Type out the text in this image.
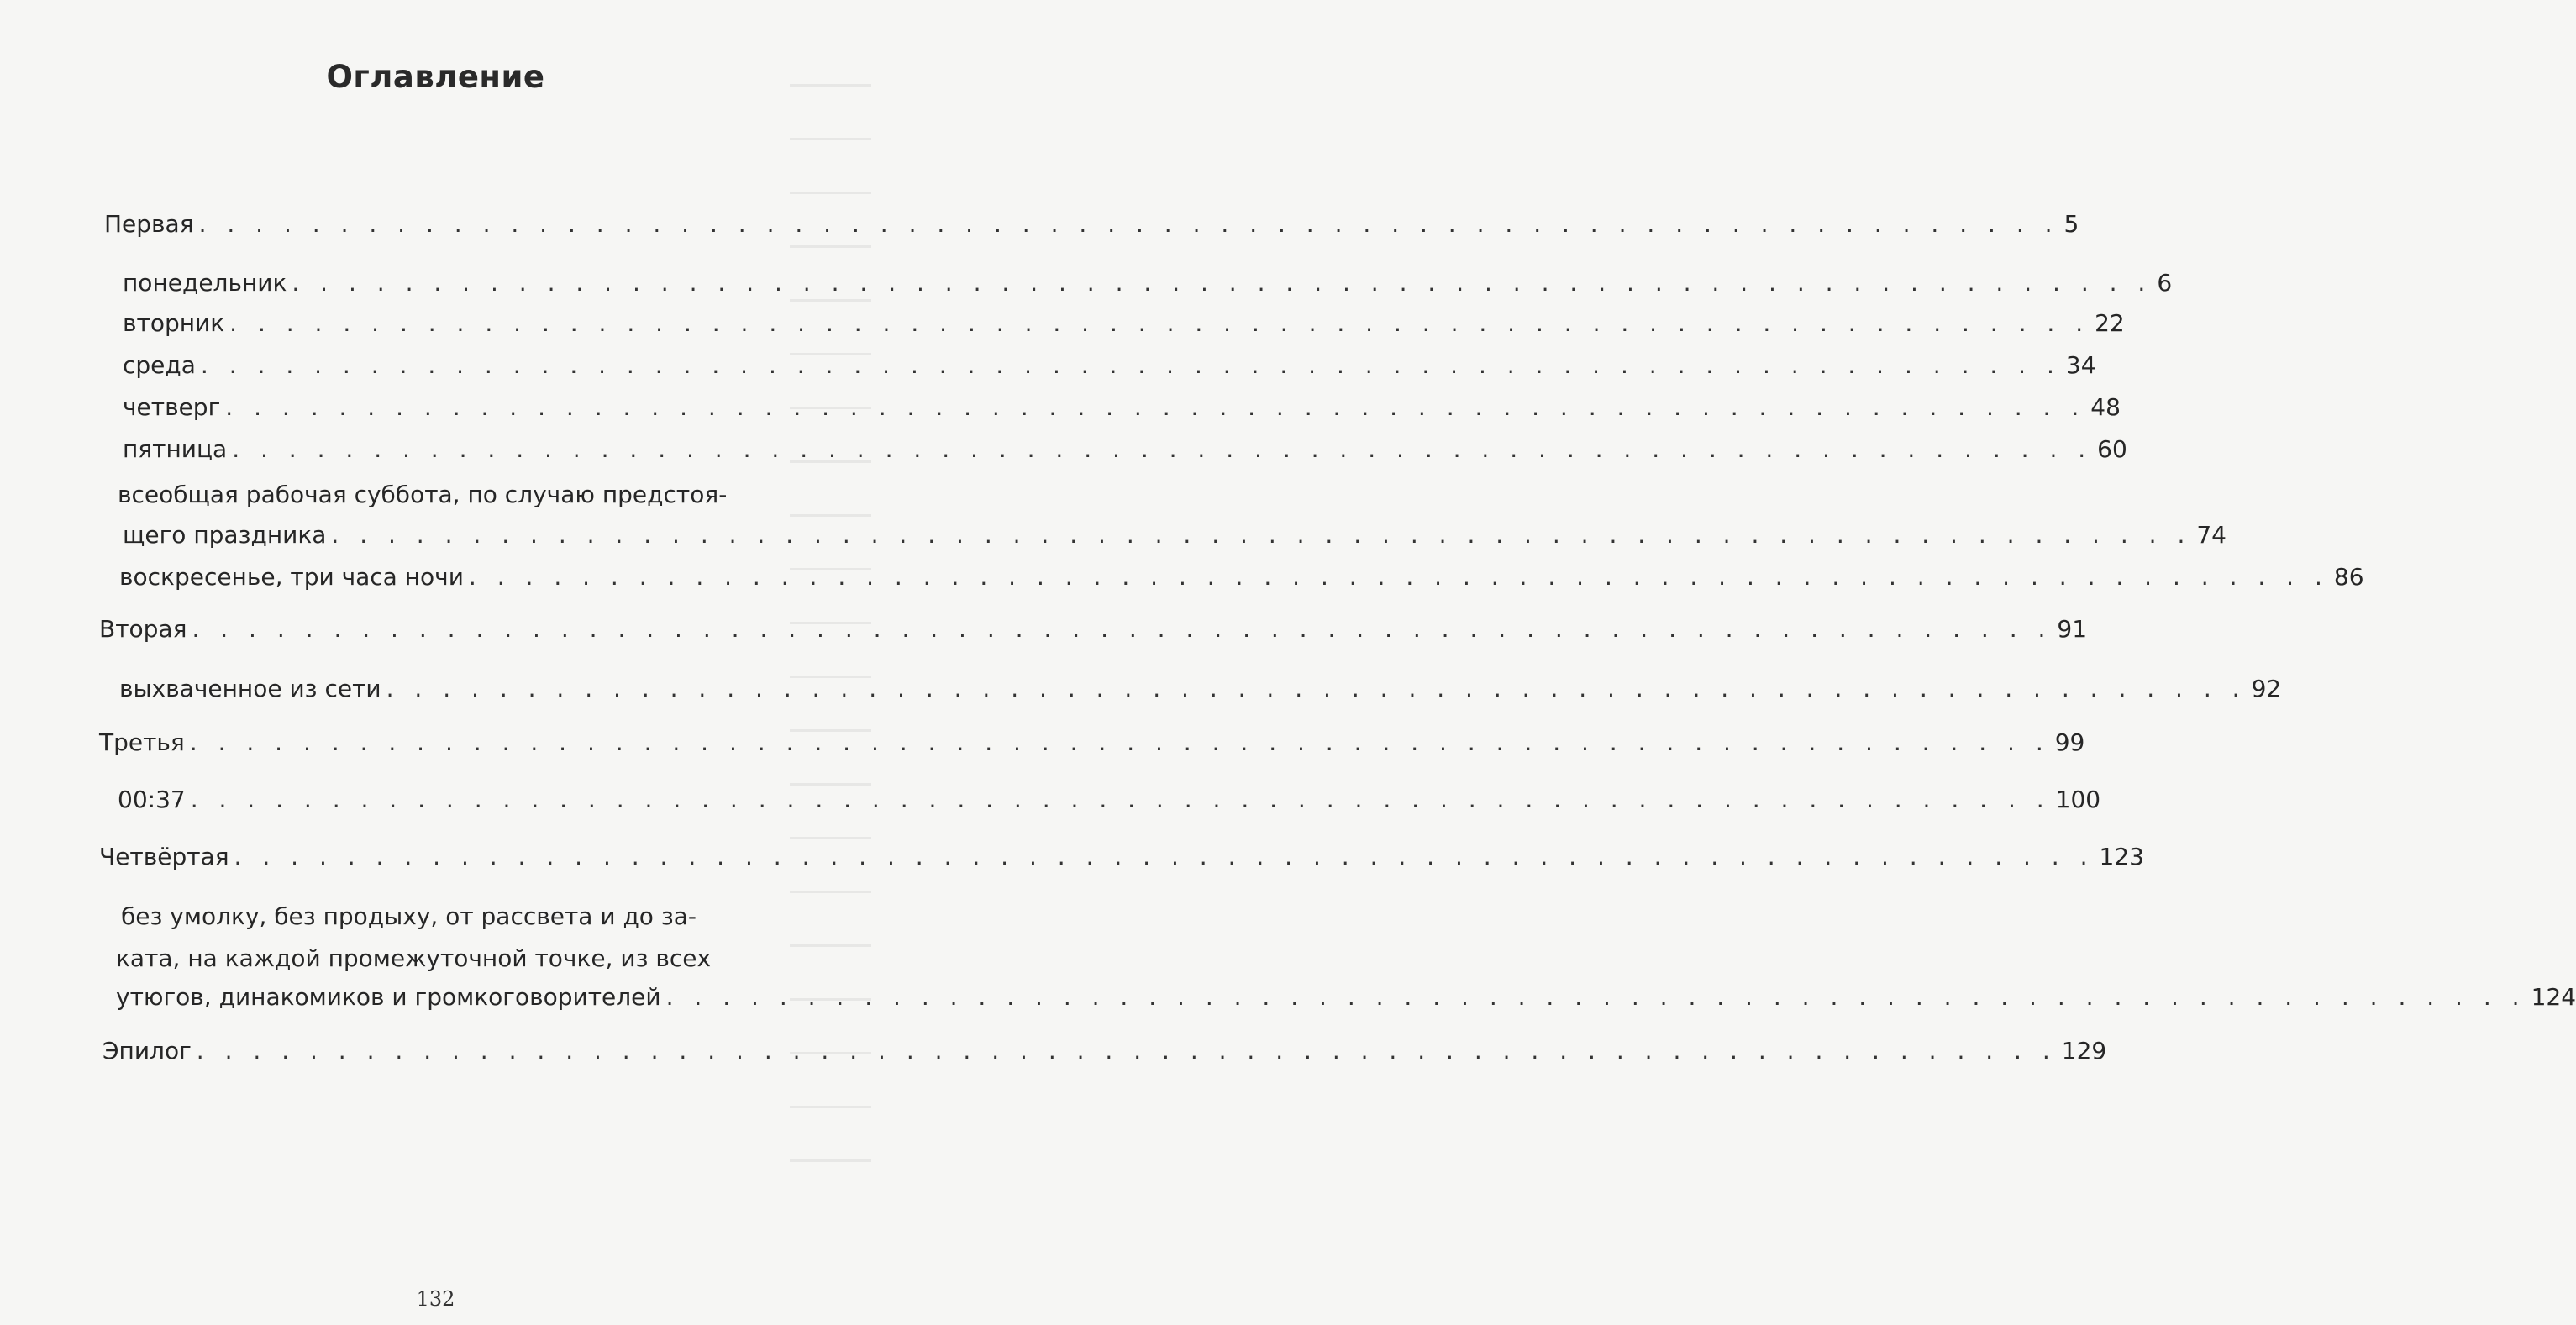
Оглавление
Первая . . . . . . . . . . . . . . . . . . . . . . . . . . . . . . . . . . . . . . . . . . . . . . . . . . . . . . . . . . . . . . . . . . 5
понедельник . . . . . . . . . . . . . . . . . . . . . . . . . . . . . . . . . . . . . . . . . . . . . . . . . . . . . . . . . . . . . . . . . . 6
вторник . . . . . . . . . . . . . . . . . . . . . . . . . . . . . . . . . . . . . . . . . . . . . . . . . . . . . . . . . . . . . . . . . . 22
среда . . . . . . . . . . . . . . . . . . . . . . . . . . . . . . . . . . . . . . . . . . . . . . . . . . . . . . . . . . . . . . . . . . 34
четверг . . . . . . . . . . . . . . . . . . . . . . . . . . . . . . . . . . . . . . . . . . . . . . . . . . . . . . . . . . . . . . . . . . 48
пятница . . . . . . . . . . . . . . . . . . . . . . . . . . . . . . . . . . . . . . . . . . . . . . . . . . . . . . . . . . . . . . . . . . 60
всеобщая рабочая суббота, по случаю предстоя-
щего праздника . . . . . . . . . . . . . . . . . . . . . . . . . . . . . . . . . . . . . . . . . . . . . . . . . . . . . . . . . . . . . . . . . . 74
воскресенье, три часа ночи . . . . . . . . . . . . . . . . . . . . . . . . . . . . . . . . . . . . . . . . . . . . . . . . . . . . . . . . . . . . . . . . . . 86
Вторая . . . . . . . . . . . . . . . . . . . . . . . . . . . . . . . . . . . . . . . . . . . . . . . . . . . . . . . . . . . . . . . . . . 91
выхваченное из сети . . . . . . . . . . . . . . . . . . . . . . . . . . . . . . . . . . . . . . . . . . . . . . . . . . . . . . . . . . . . . . . . . . 92
Третья . . . . . . . . . . . . . . . . . . . . . . . . . . . . . . . . . . . . . . . . . . . . . . . . . . . . . . . . . . . . . . . . . . 99
00:37 . . . . . . . . . . . . . . . . . . . . . . . . . . . . . . . . . . . . . . . . . . . . . . . . . . . . . . . . . . . . . . . . . . 100
Четвёртая . . . . . . . . . . . . . . . . . . . . . . . . . . . . . . . . . . . . . . . . . . . . . . . . . . . . . . . . . . . . . . . . . . 123
без умолку, без продыху, от рассвета и до за-
ката, на каждой промежуточной точке, из всех
утюгов, динакомиков и громкоговорителей . . . . . . . . . . . . . . . . . . . . . . . . . . . . . . . . . . . . . . . . . . . . . . . . . . . . . . . . . . . . . . . . . . 124
Эпилог . . . . . . . . . . . . . . . . . . . . . . . . . . . . . . . . . . . . . . . . . . . . . . . . . . . . . . . . . . . . . . . . . . 129
132
